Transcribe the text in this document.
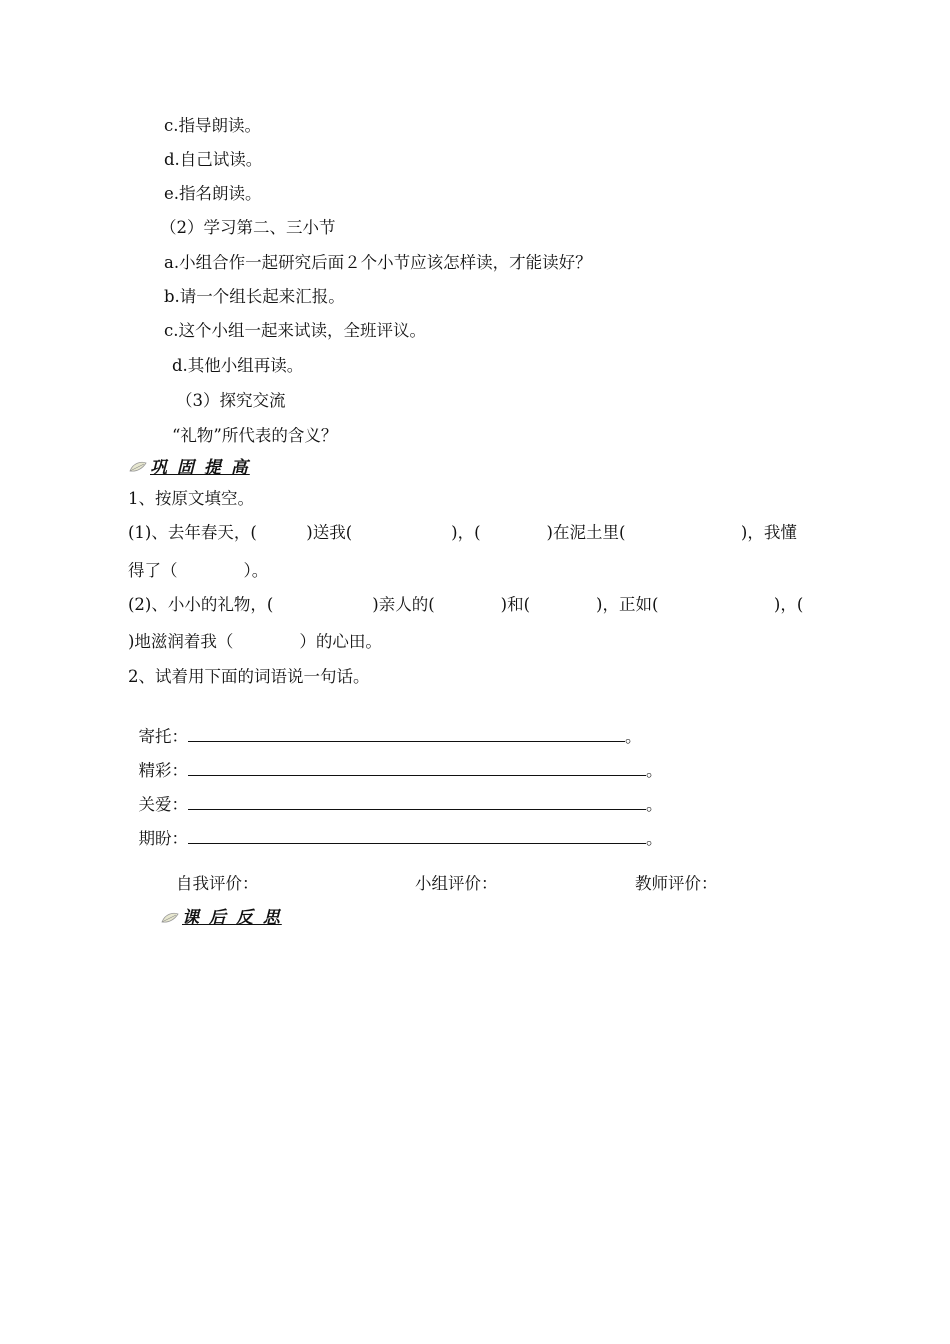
c.指导朗读。
d.自己试读。
e.指名朗读。
（2）学习第二、三小节
a.小组合作一起研究后面２个小节应该怎样读，才能读好？
b.请一个组长起来汇报。
c.这个小组一起来试读，全班评议。
d.其他小组再读。
（3）探究交流
“礼物”所代表的含义？
巩 固 提 高
1、按原文填空。
(1)、去年春天，(　　　)送我(　　　　　　)，(　　　　)在泥土里(　　　　　　　)，我懂
得了（　　　　）。
(2)、小小的礼物，(　　　　　　)亲人的(　　　　)和(　　　　)，正如(　　　　　　　)，(
)地滋润着我（　　　　）的心田。
2、试着用下面的词语说一句话。

寄托：	。

精彩：	。

关爱：	。

期盼：	。

自我评价：	小组评价：	教师评价：
课 后 反 思
